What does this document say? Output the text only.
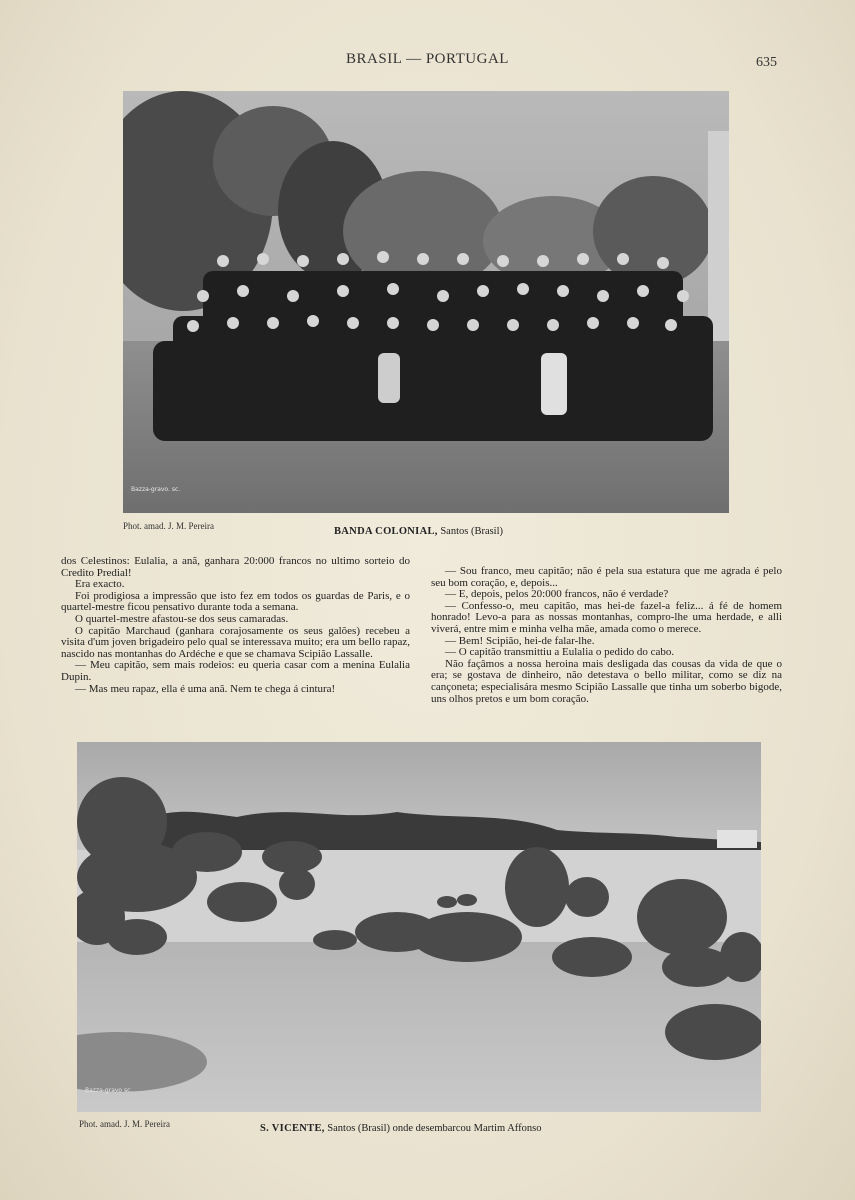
BRASIL — PORTUGAL	635
Bazza-gravo. sc.
Phot. amad. J. M. Pereira	BANDA COLONIAL, Santos (Brasil)

dos Celestinos: Eulalia, a anã, ganhara 20:000 francos no ultimo sorteio do Credito Predial!

Era exacto.

Foi prodigiosa a impressão que isto fez em todos os guardas de Paris, e o quartel-mestre ficou pensativo durante toda a semana.

O quartel-mestre afastou-se dos seus camaradas.

O capitão Marchaud (ganhara corajosamente os seus galões) recebeu a visita d'um joven brigadeiro pelo qual se interessava muito; era um bello rapaz, nascido nas montanhas do Ardéche e que se chamava Scipião Lassalle.

— Meu capitão, sem mais rodeios: eu queria casar com a menina Eulalia Dupin.

— Mas meu rapaz, ella é uma anã. Nem te chega á cintura!

— Sou franco, meu capitão; não é pela sua estatura que me agrada é pelo seu bom coração, e, depois...

— E, depois, pelos 20:000 francos, não é verdade?

— Confesso-o, meu capitão, mas hei-de fazel-a feliz... á fé de homem honrado! Levo-a para as nossas montanhas, compro-lhe uma herdade, e alli viverá, entre mim e minha velha mãe, amada como o merece.

— Bem! Scipião, hei-de falar-lhe.

— O capitão transmittiu a Eulalia o pedido do cabo.

Não façâmos a nossa heroina mais desligada das cousas da vida de que o era; se gostava de dinheiro, não detestava o bello militar, como se diz na cançoneta; especialisára mesmo Scipião Lassalle que tinha um soberbo bigode, uns olhos pretos e um bom coração.

Bazza-gravo sc.
Phot. amad. J. M. Pereira	S. VICENTE, Santos (Brasil) onde desembarcou Martim Affonso
